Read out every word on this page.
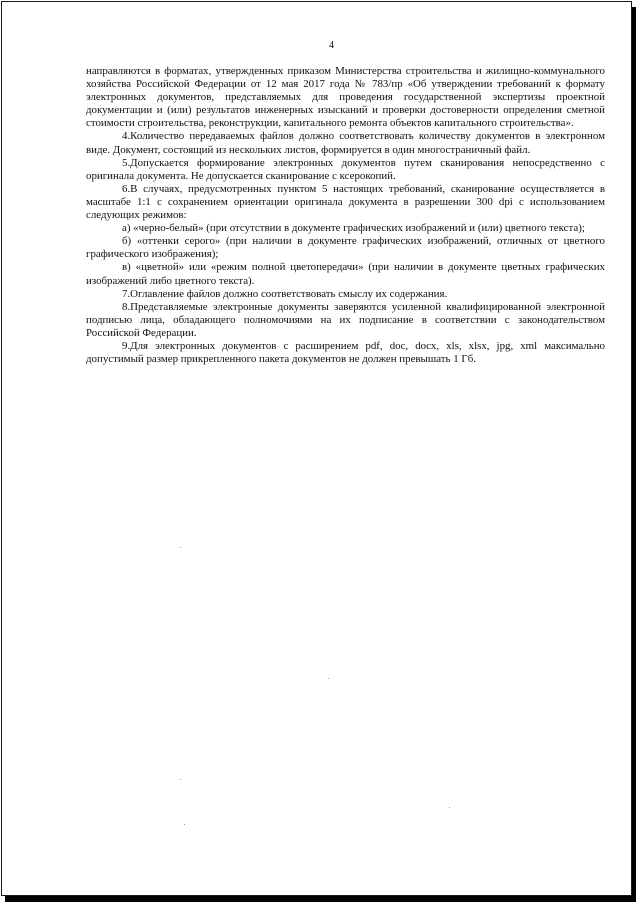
4

направляются в форматах, утвержденных приказом Министерства строительства и жилищно-коммунального хозяйства Российской Федерации от 12 мая 2017 года № 783/пр «Об утверждении требований к формату электронных документов, представляемых для проведения государственной экспертизы проектной документации и (или) результатов инженерных изысканий и проверки достоверности определения сметной стоимости строительства, реконструкции, капитального ремонта объектов капитального строительства».

4.Количество передаваемых файлов должно соответствовать количеству документов в электронном виде. Документ, состоящий из нескольких листов, формируется в один многостраничный файл.

5.Допускается формирование электронных документов путем сканирования непосредственно с оригинала документа. Не допускается сканирование с ксерокопий.

6.В случаях, предусмотренных пунктом 5 настоящих требований, сканирование осуществляется в масштабе 1:1 с сохранением ориентации оригинала документа в разрешении 300 dpi с использованием следующих режимов:

а) «черно-белый» (при отсутствии в документе графических изображений и (или) цветного текста);

б) «оттенки серого» (при наличии в документе графических изображений, отличных от цветного графического изображения);

в) «цветной» или «режим полной цветопередачи» (при наличии в документе цветных графических изображений либо цветного текста).

7.Оглавление файлов должно соответствовать смыслу их содержания.

8.Представляемые электронные документы заверяются усиленной квалифицированной электронной подписью лица, обладающего полномочиями на их подписание в соответствии с законодательством Российской Федерации.

9.Для электронных документов с расширением pdf, doc, docx, xls, xlsx, jpg, xml максимально допустимый размер прикрепленного пакета документов не должен превышать 1 Гб.
